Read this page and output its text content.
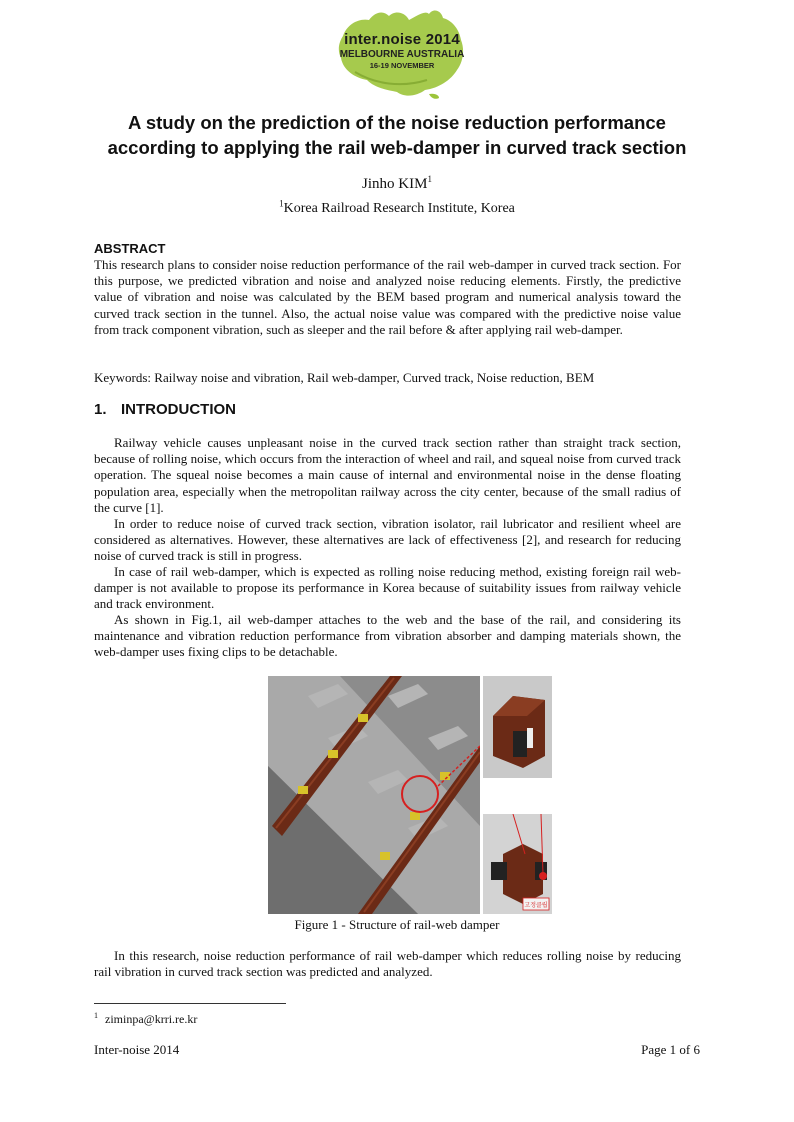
inter.noise 2014
MELBOURNE AUSTRALIA
16-19 NOVEMBER
A study on the prediction of the noise reduction performance
according to applying the rail web-damper in curved track section
Jinho KIM$^1$
$^1$Korea Railroad Research Institute, Korea
ABSTRACT

This research plans to consider noise reduction performance of the rail web-damper in curved track section. For this purpose, we predicted vibration and noise and analyzed noise reducing elements. Firstly, the predictive value of vibration and noise was calculated by the BEM based program and numerical analysis toward the curved track section in the tunnel. Also, the actual noise value was compared with the predictive noise value from track component vibration, such as sleeper and the rail before & after applying rail web-damper.

Keywords: Railway noise and vibration, Rail web-damper, Curved track, Noise reduction, BEM

1. INTRODUCTION

Railway vehicle causes unpleasant noise in the curved track section rather than straight track section, because of rolling noise, which occurs from the interaction of wheel and rail, and squeal noise from curved track operation. The squeal noise becomes a main cause of internal and environmental noise in the dense floating population area, especially when the metropolitan railway across the city center, because of the small radius of the curve [1].

In order to reduce noise of curved track section, vibration isolator, rail lubricator and resilient wheel are considered as alternatives. However, these alternatives are lack of effectiveness [2], and research for reducing noise of curved track is still in progress.

In case of rail web-damper, which is expected as rolling noise reducing method, existing foreign rail web-damper is not available to propose its performance in Korea because of suitability issues from railway vehicle and track environment.

As shown in Fig.1, ail web-damper attaches to the web and the base of the rail, and considering its maintenance and vibration reduction performance from vibration absorber and damping materials shown, the web-damper uses fixing clips to be detachable.

고정클립
Figure 1 - Structure of rail-web damper

In this research, noise reduction performance of rail web-damper which reduces rolling noise by reducing rail vibration in curved track section was predicted and analyzed.

$^1$ ziminpa@krri.re.kr
Inter-noise 2014	Page 1 of 6
